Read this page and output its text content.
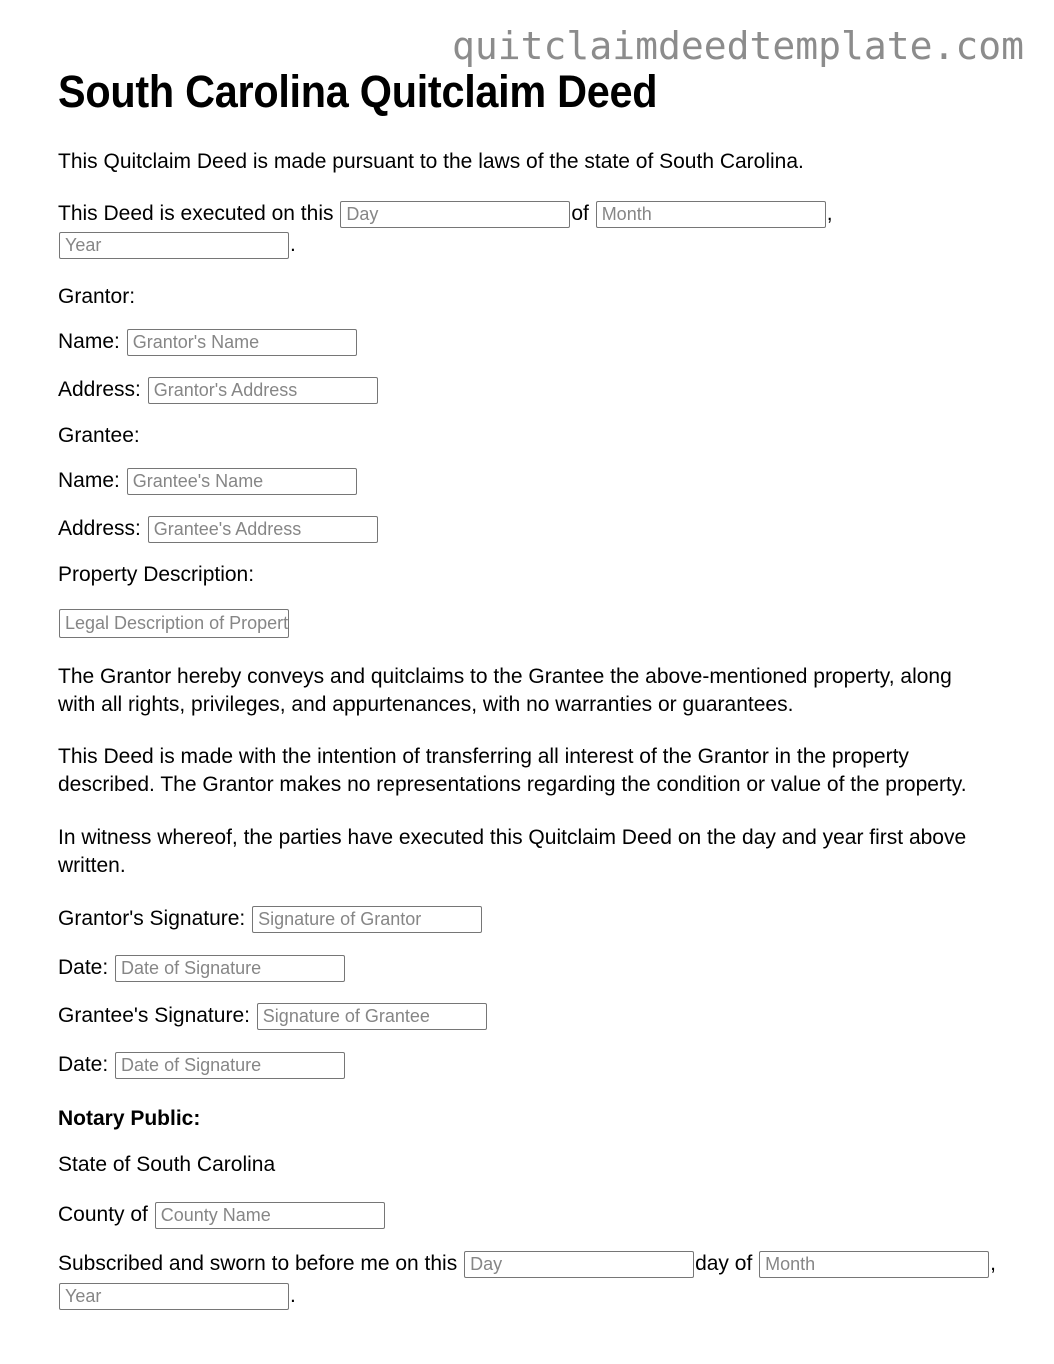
quitclaimdeedtemplate.com
South Carolina Quitclaim Deed

This Quitclaim Deed is made pursuant to the laws of the state of South Carolina.

This Deed is executed on this Day	of Month	, Year.

Grantor:

Name: Grantor's Name

Address: Grantor's Address

Grantee:

Name: Grantee's Name

Address: Grantee's Address

Property Description:

Legal Description of Property

The Grantor hereby conveys and quitclaims to the Grantee the above-mentioned property, along with all rights, privileges, and appurtenances, with no warranties or guarantees.

This Deed is made with the intention of transferring all interest of the Grantor in the property described. The Grantor makes no representations regarding the condition or value of the property.

In witness whereof, the parties have executed this Quitclaim Deed on the day and year first above written.

Grantor's Signature: Signature of Grantor

Date: Date of Signature

Grantee's Signature: Signature of Grantee

Date: Date of Signature

Notary Public:

State of South Carolina

County of County Name

Subscribed and sworn to before me on this Day	day of Month	, Year.
